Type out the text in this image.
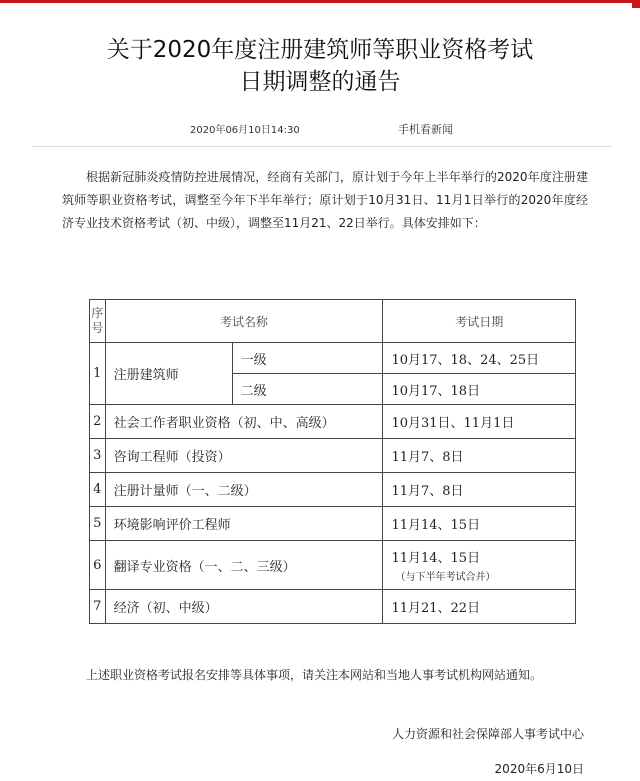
关于2020年度注册建筑师等职业资格考试
日期调整的通告
2020年06月10日14:30	手机看新闻
根据新冠肺炎疫情防控进展情况，经商有关部门，原计划于今年上半年举行的2020年度注册建筑师等职业资格考试，调整至今年下半年举行；原计划于10月31日、11月1日举行的2020年度经济专业技术资格考试（初、中级），调整至11月21、22日举行。具体安排如下：
序号	考试名称		考试日期
1	注册建筑师	一级	10月17、18、24、25日
		二级	10月17、18日
2	社会工作者职业资格（初、中、高级）		10月31日、11月1日
3	咨询工程师（投资）		11月7、8日
4	注册计量师（一、二级）		11月7、8日
5	环境影响评价工程师		11月14、15日
6	翻译专业资格（一、二、三级）		11月14、15日
（与下半年考试合并）

7	经济（初、中级）		11月21、22日
上述职业资格考试报名安排等具体事项，请关注本网站和当地人事考试机构网站通知。
人力资源和社会保障部人事考试中心
2020年6月10日
